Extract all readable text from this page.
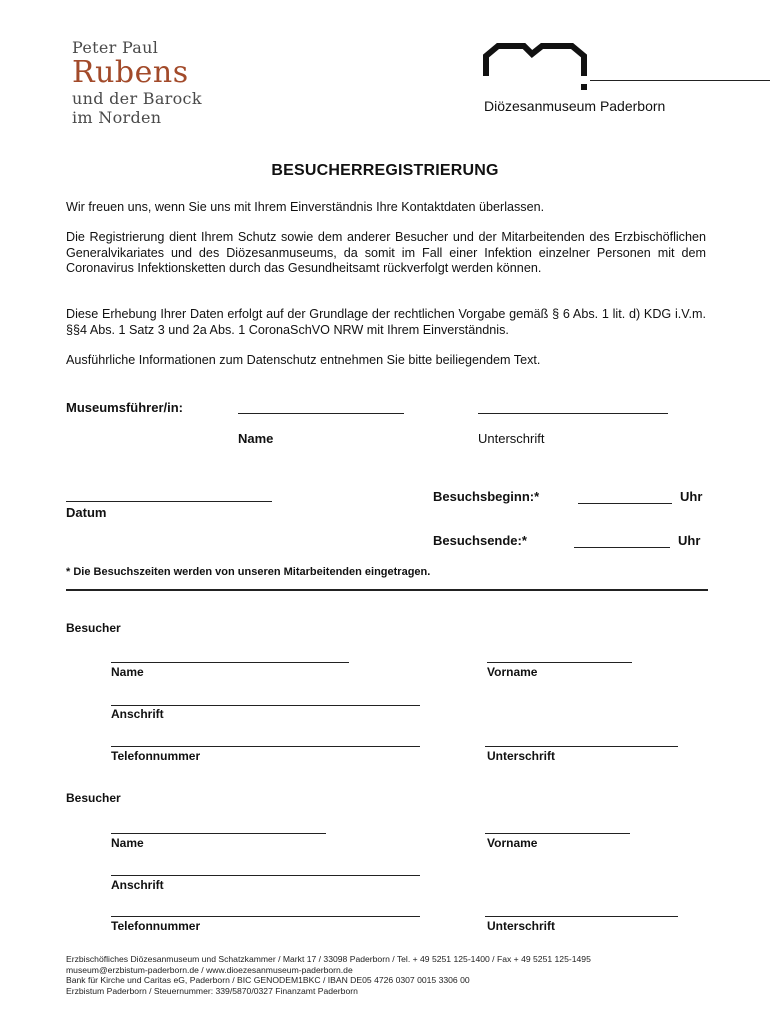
Peter Paul
Rubens
und der Barock
im Norden
Diözesanmuseum Paderborn
BESUCHERREGISTRIERUNG
Wir freuen uns, wenn Sie uns mit Ihrem Einverständnis Ihre Kontaktdaten überlassen.
Die Registrierung dient Ihrem Schutz sowie dem anderer Besucher und der Mitarbeitenden des Erzbischöflichen Generalvikariates und des Diözesanmuseums, da somit im Fall einer Infektion einzelner Personen mit dem Coronavirus Infektionsketten durch das Gesundheitsamt rückverfolgt werden können.
Diese Erhebung Ihrer Daten erfolgt auf der Grundlage der rechtlichen Vorgabe gemäß § 6 Abs. 1 lit. d) KDG i.V.m. §§4 Abs. 1 Satz 3 und 2a Abs. 1 CoronaSchVO NRW mit Ihrem Einverständnis.
Ausführliche Informationen zum Datenschutz entnehmen Sie bitte beiliegendem Text.
Museumsführer/in:
Name	Unterschrift
Datum
Besuchsbeginn:*	Uhr
Besuchsende:*	Uhr
* Die Besuchszeiten werden von unseren Mitarbeitenden eingetragen.
Besucher
Name	Vorname
Anschrift
Telefonnummer	Unterschrift
Besucher
Name	Vorname
Anschrift
Telefonnummer	Unterschrift
Erzbischöfliches Diözesanmuseum und Schatzkammer / Markt 17 / 33098 Paderborn / Tel. + 49 5251 125-1400 / Fax + 49 5251 125-1495
museum@erzbistum-paderborn.de / www.dioezesanmuseum-paderborn.de
Bank für Kirche und Caritas eG, Paderborn / BIC GENODEM1BKC / IBAN DE05 4726 0307 0015 3306 00
Erzbistum Paderborn / Steuernummer: 339/5870/0327 Finanzamt Paderborn
